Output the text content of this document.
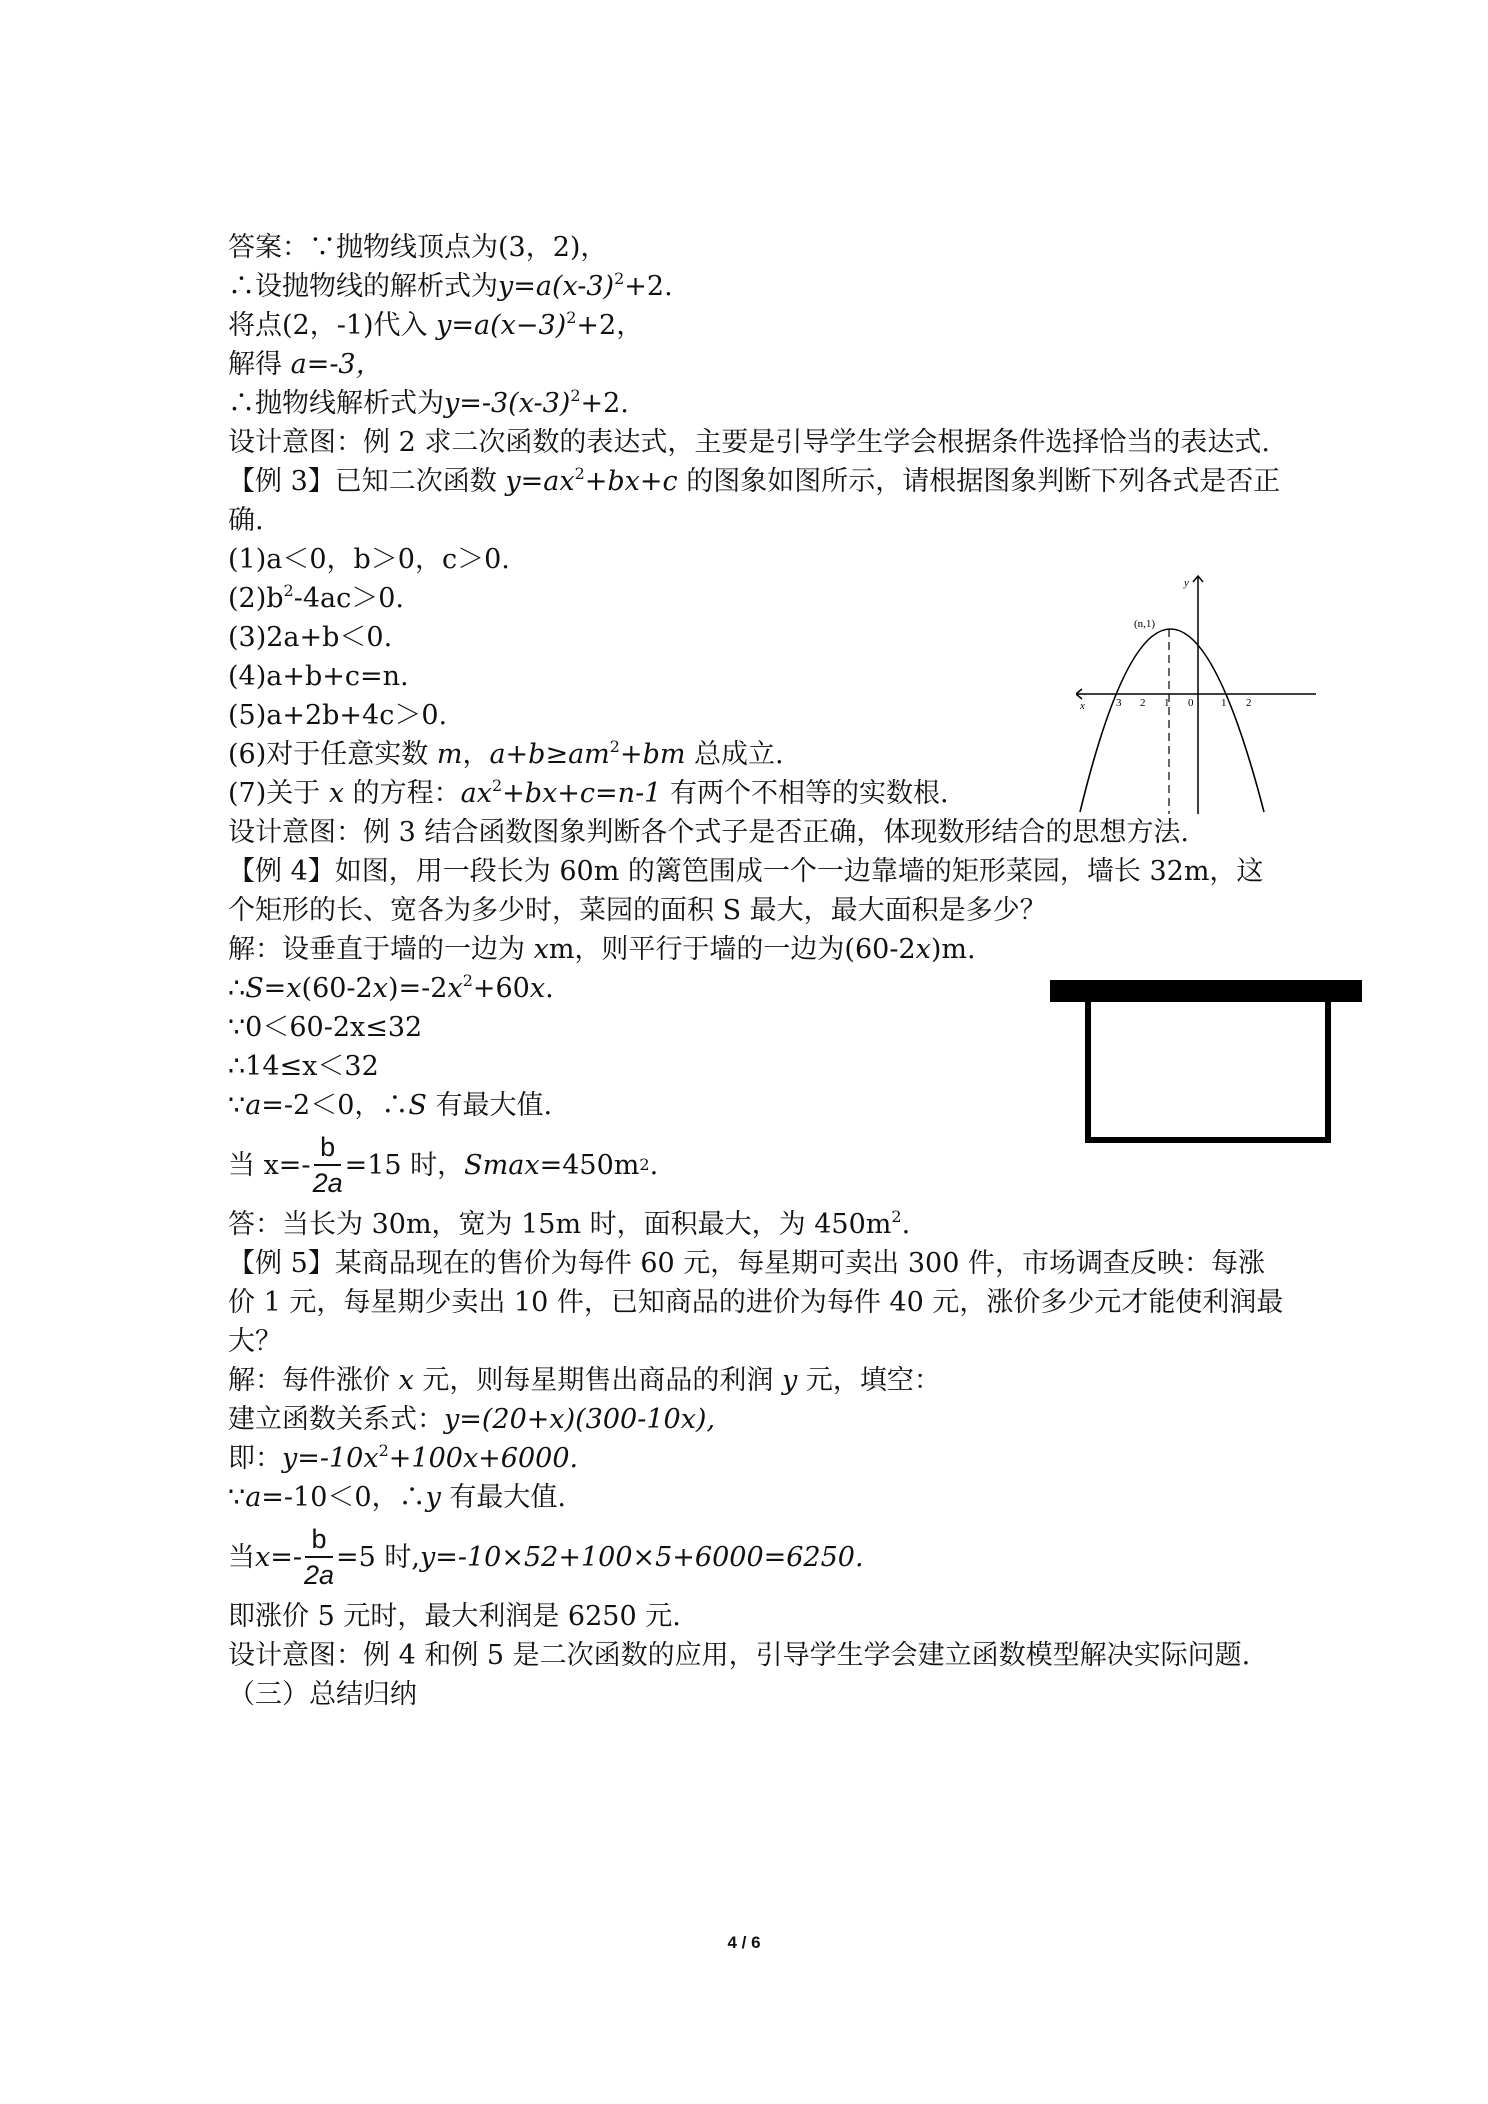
答案：∵抛物线顶点为(3，2)，
∴设抛物线的解析式为$y=a(x-3)^2+2$.
将点(2，-1)代入 $y=a(x-3)^2+2$，
解得 a=-3，
∴抛物线解析式为$y=-3(x-3)^2+2$.
设计意图：例 2 求二次函数的表达式，主要是引导学生学会根据条件选择恰当的表达式.
【例 3】已知二次函数 $y=ax^2+bx+c$ 的图象如图所示，请根据图象判断下列各式是否正确.
(1)a＜0，b＞0，c＞0.
$(2)b^2-4ac>0$.
(3)2a+b＜0.
(4)a+b+c=n.
(5)a+2b+4c＞0.
(6)对于任意实数 m，$a+b\ge am^2+bm$ 总成立.
(7)关于 x 的方程：$ax^2+bx+c=n-1$ 有两个不相等的实数根.
设计意图：例 3 结合函数图象判断各个式子是否正确，体现数形结合的思想方法.
【例 4】如图，用一段长为 60m 的篱笆围成一个一边靠墙的矩形菜园，墙长 32m，这个矩形的长、宽各为多少时，菜园的面积 S 最大，最大面积是多少？
解：设垂直于墙的一边为 xm，则平行于墙的一边为(60-2x)m.
$\therefore S=x(60-2x)=-2x^2+60x$.
∵0＜60-2x≤32
∴14≤x＜32
∵a=-2＜0，∴S 有最大值.
当 $x=- \frac{b}{2a} =15$ 时， Smax =450m 2 .
答：当长为 30m，宽为 15m 时，面积最大，为 $450m^2$.
【例 5】某商品现在的售价为每件 60 元，每星期可卖出 300 件，市场调查反映：每涨价 1 元，每星期少卖出 10 件，已知商品的进价为每件 40 元，涨价多少元才能使利润最大？
解：每件涨价 x 元，则每星期售出商品的利润 y 元，填空：
建立函数关系式：y=(20+x)(300-10x),
即：$y=-10x^2+100x+6000$.
∵a=-10＜0，∴y 有最大值.
当 $x=- \frac{b}{2a} =5$ 时, y=-10×52+100×5+6000=6250.
即涨价 5 元时，最大利润是 6250 元.
设计意图：例 4 和例 5 是二次函数的应用，引导学生学会建立函数模型解决实际问题.
（三）总结归纳
y
x
(n,1)
3 2 1 0	1 2
4 / 6
